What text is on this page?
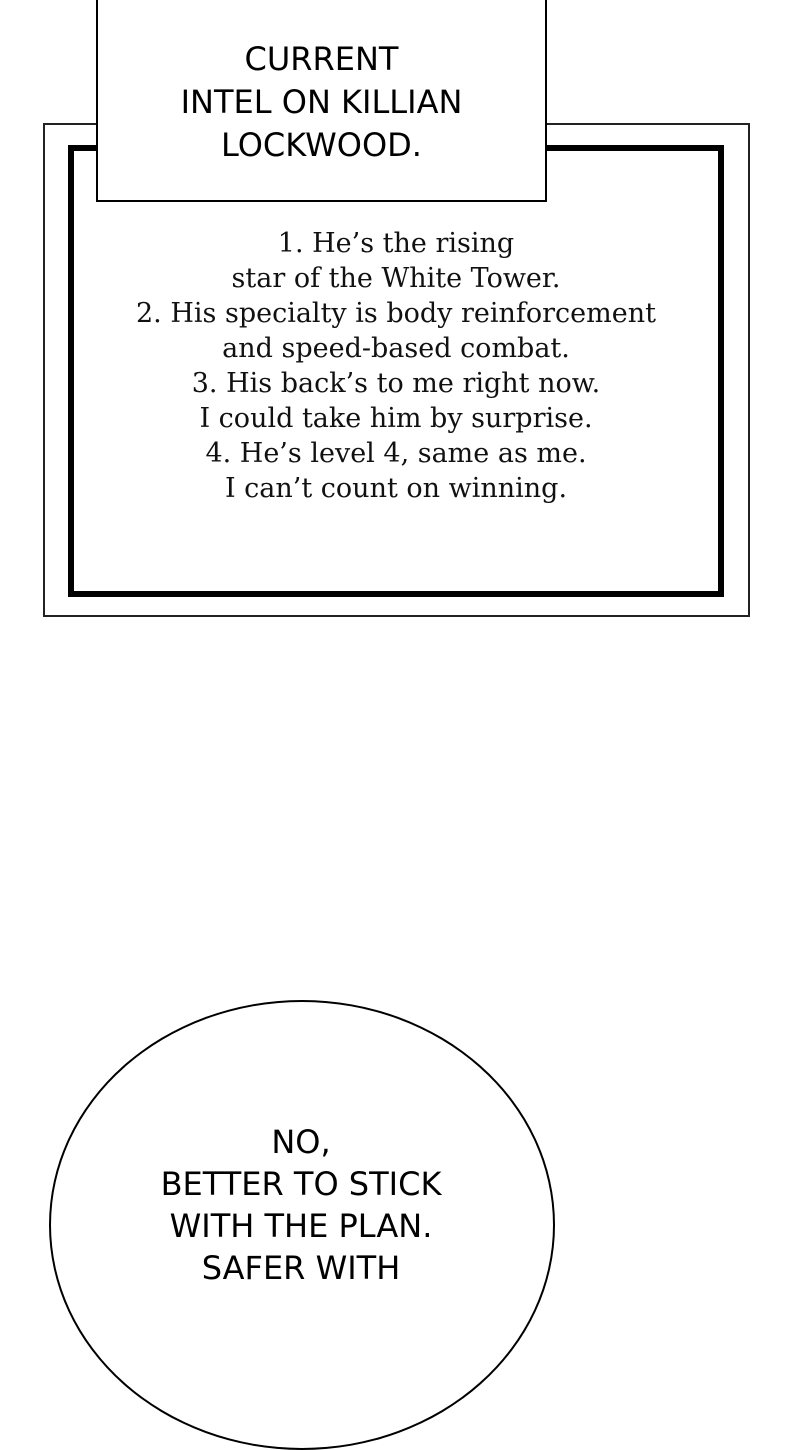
CURRENT
INTEL ON KILLIAN
LOCKWOOD.
1. He’s the rising
star of the White Tower.
2. His specialty is body reinforcement
and speed-based combat.
3. His back’s to me right now.
I could take him by surprise.
4. He’s level 4, same as me.
I can’t count on winning.
NO,
BETTER TO STICK
WITH THE PLAN.
SAFER WITH
